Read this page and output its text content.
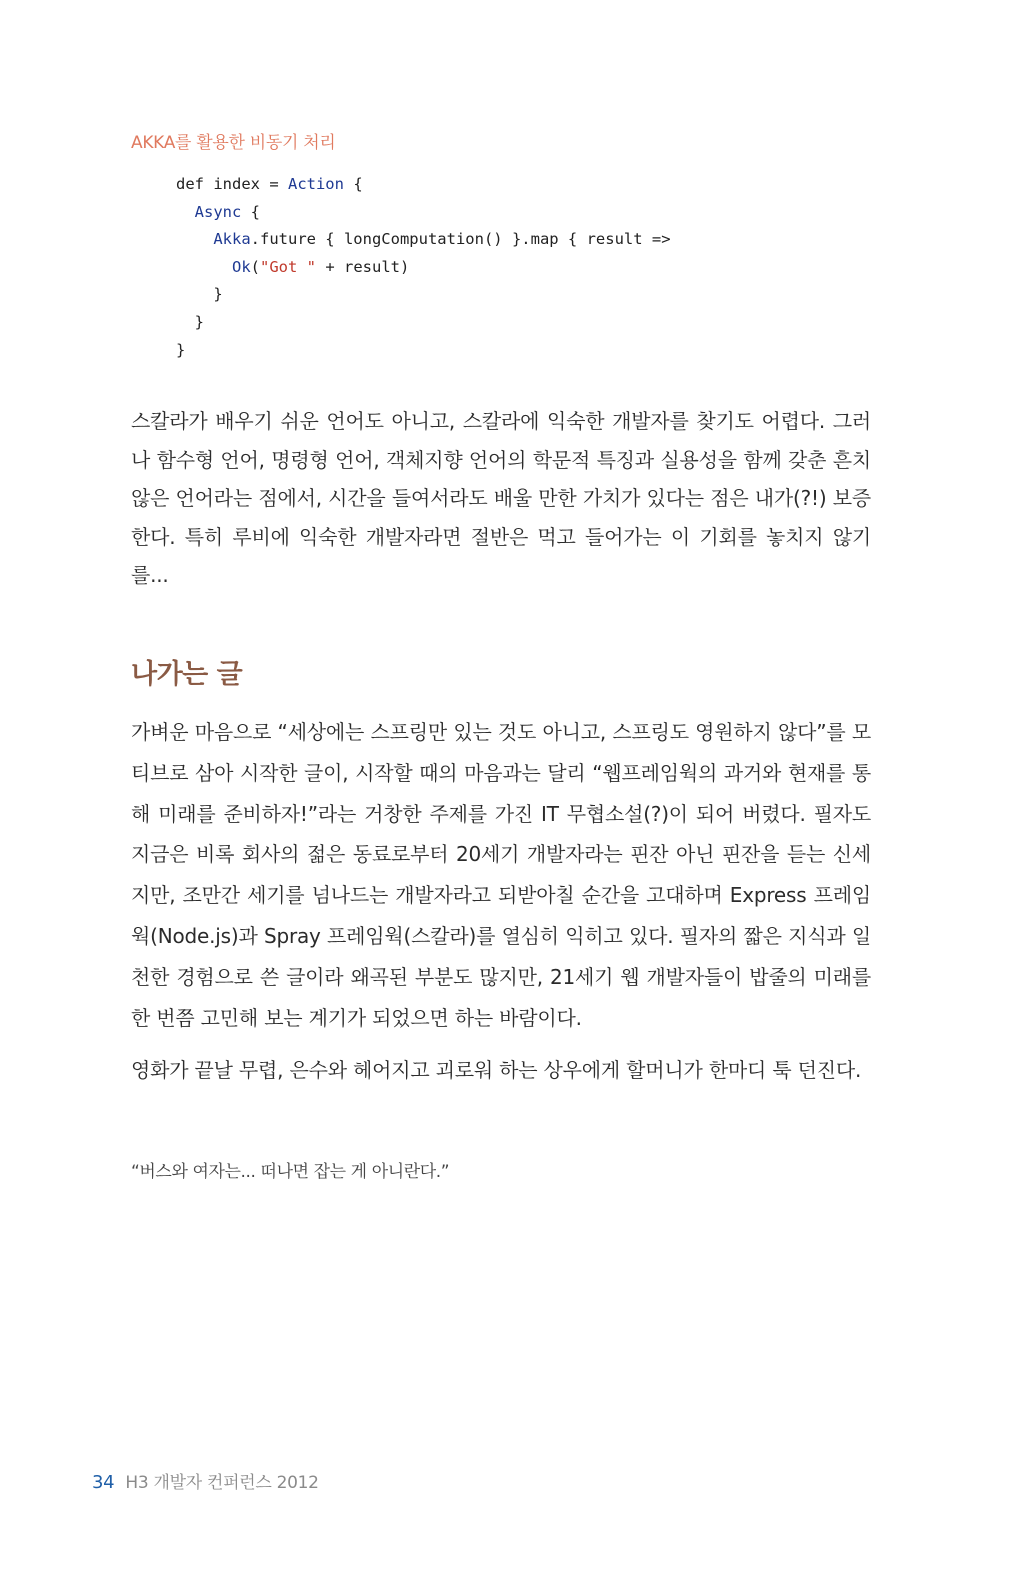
AKKA를 활용한 비동기 처리
def index = Action {
Async {
Akka.future { longComputation() }.map { result =>
Ok("Got " + result)
}
}
}

스칼라가 배우기 쉬운 언어도 아니고, 스칼라에 익숙한 개발자를 찾기도 어렵다. 그러나 함수형 언어, 명령형 언어, 객체지향 언어의 학문적 특징과 실용성을 함께 갖춘 흔치 않은 언어라는 점에서, 시간을 들여서라도 배울 만한 가치가 있다는 점은 내가(?!) 보증한다. 특히 루비에 익숙한 개발자라면 절반은 먹고 들어가는 이 기회를 놓치지 않기를...

나가는 글

가벼운 마음으로 “세상에는 스프링만 있는 것도 아니고, 스프링도 영원하지 않다”를 모티브로 삼아 시작한 글이, 시작할 때의 마음과는 달리 “웹프레임웍의 과거와 현재를 통해 미래를 준비하자!”라는 거창한 주제를 가진 IT 무협소설(?)이 되어 버렸다. 필자도 지금은 비록 회사의 젊은 동료로부터 20세기 개발자라는 핀잔 아닌 핀잔을 듣는 신세지만, 조만간 세기를 넘나드는 개발자라고 되받아칠 순간을 고대하며 Express 프레임웍(Node.js)과 Spray 프레임웍(스칼라)를 열심히 익히고 있다. 필자의 짧은 지식과 일천한 경험으로 쓴 글이라 왜곡된 부분도 많지만, 21세기 웹 개발자들이 밥줄의 미래를 한 번쯤 고민해 보는 계기가 되었으면 하는 바람이다.

영화가 끝날 무렵, 은수와 헤어지고 괴로워 하는 상우에게 할머니가 한마디 툭 던진다.

“버스와 여자는... 떠나면 잡는 게 아니란다.”

34 H3 개발자 컨퍼런스 2012
